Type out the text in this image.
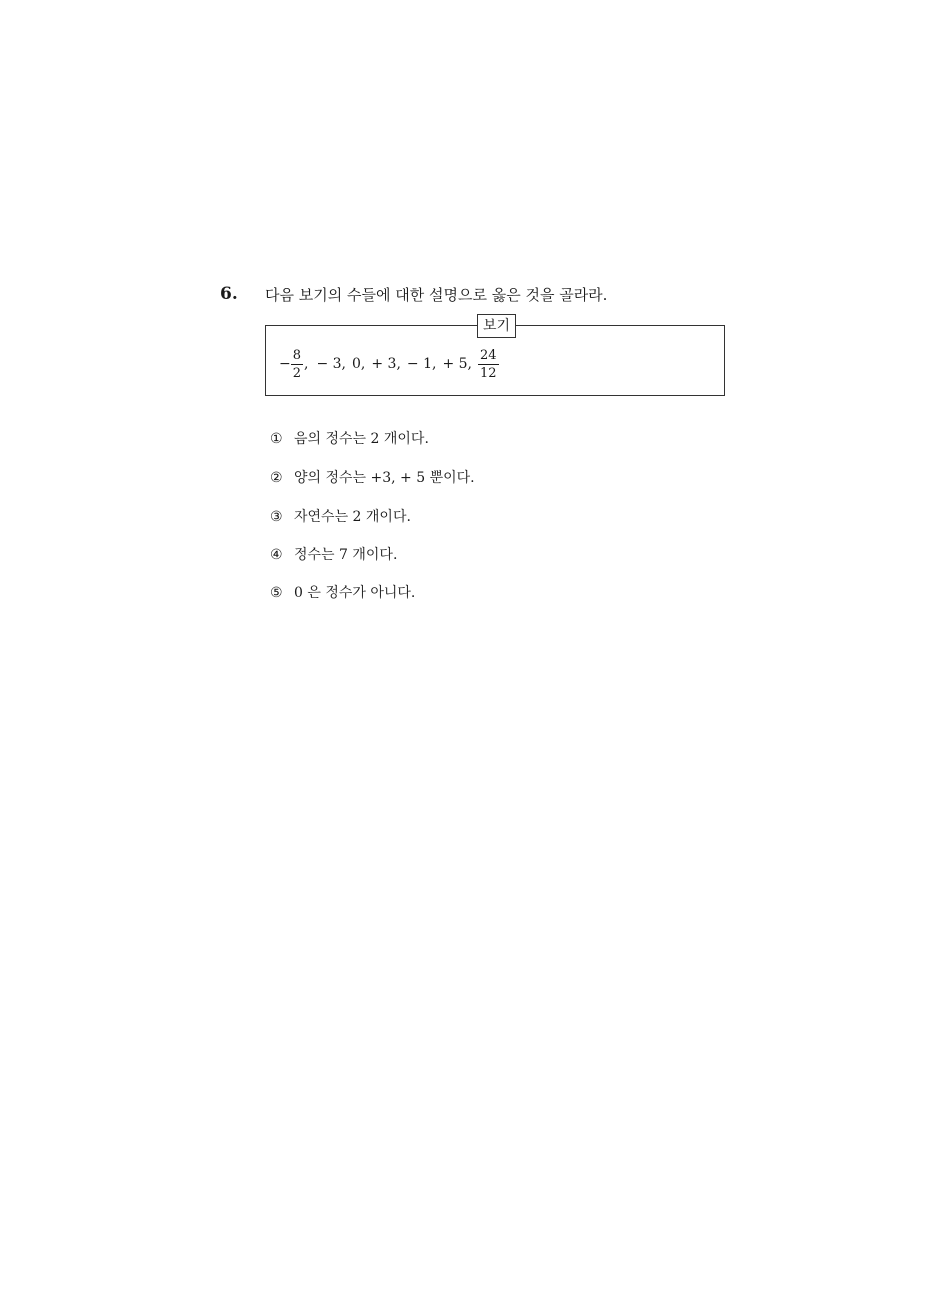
6. 다음 보기의 수들에 대한 설명으로 옳은 것을 골라라.
보기
− $\frac{8}{2}$ , − 3, 0, + 3, − 1, + 5, $\frac{24}{12}$
① 음의 정수는 2 개이다.
② 양의 정수는 +3, + 5 뿐이다.
③ 자연수는 2 개이다.
④ 정수는 7 개이다.
⑤ 0 은 정수가 아니다.
